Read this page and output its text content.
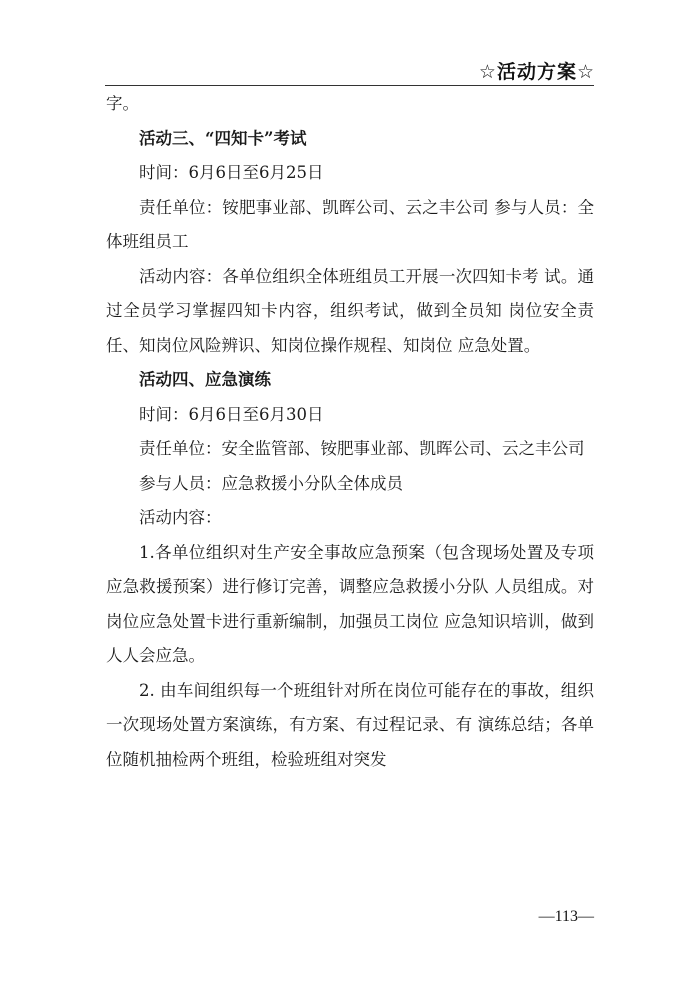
☆活动方案☆

字。

活动三、“四知卡”考试

时间：6月6日至6月25日

责任单位：铵肥事业部、凯晖公司、云之丰公司 参与人员：全体班组员工

活动内容：各单位组织全体班组员工开展一次四知卡考 试。通过全员学习掌握四知卡内容，组织考试，做到全员知 岗位安全责任、知岗位风险辨识、知岗位操作规程、知岗位 应急处置。

活动四、应急演练

时间：6月6日至6月30日

责任单位：安全监管部、铵肥事业部、凯晖公司、云之丰公司

参与人员：应急救援小分队全体成员

活动内容：

1.各单位组织对生产安全事故应急预案（包含现场处置及专项应急救援预案）进行修订完善，调整应急救援小分队 人员组成。对岗位应急处置卡进行重新编制，加强员工岗位 应急知识培训，做到人人会应急。

2. 由车间组织每一个班组针对所在岗位可能存在的事故，组织一次现场处置方案演练，有方案、有过程记录、有 演练总结；各单位随机抽检两个班组，检验班组对突发

—113—
